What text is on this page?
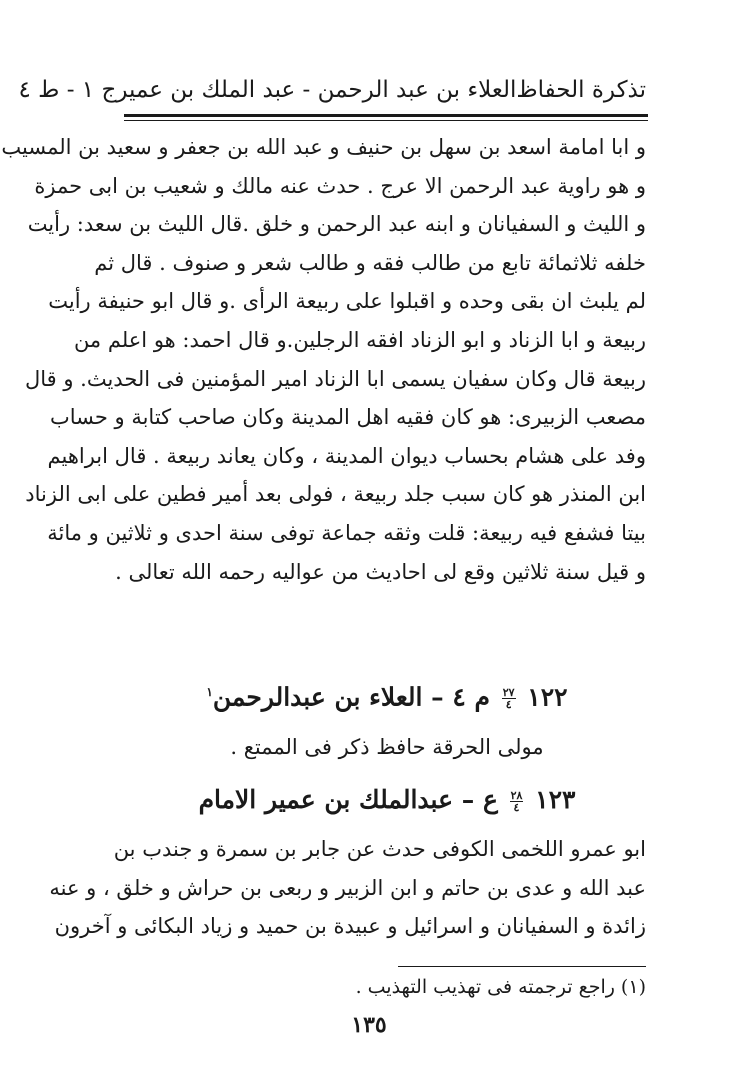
تذكرة الحفاظ
العلاء بن عبد الرحمن - عبد الملك بن عمير
ج ١ - ط ٤
و ابا امامة اسعد بن سهل بن حنيف و عبد الله بن جعفر و سعيد بن المسيب
و هو راوية عبد الرحمن الا عرج . حدث عنه مالك و شعيب بن ابى حمزة
و الليث و السفيانان و ابنه عبد الرحمن و خلق .قال الليث بن سعد: رأيت
خلفه ثلاثمائة تابع من طالب فقه و طالب شعر و صنوف . قال ثم
لم يلبث ان بقى وحده و اقبلوا على ربيعة الرأى .و قال ابو حنيفة رأيت
ربيعة و ابا الزناد و ابو الزناد افقه الرجلين.و قال احمد: هو اعلم من
ربيعة قال وكان سفيان يسمى ابا الزناد امير المؤمنين فى الحديث. و قال
مصعب الزبيرى: هو كان فقيه اهل المدينة وكان صاحب كتابة و حساب
وفد على هشام بحساب ديوان المدينة ، وكان يعاند ربيعة . قال ابراهيم
ابن المنذر هو كان سبب جلد ربيعة ، فولى بعد أمير فطين على ابى الزناد
بيتا فشفع فيه ربيعة: قلت وثقه جماعة توفى سنة احدى و ثلاثين و مائة
و قيل سنة ثلاثين وقع لى احاديث من عواليه رحمه الله تعالى .
١٢٢
$\frac{٢٧}{٤}$
م ٤ – العلاء بن عبدالرحمن$^١$
مولى الحرقة حافظ ذكر فى الممتع .
١٢٣
$\frac{٢٨}{٤}$
ع – عبدالملك بن عمير الامام
ابو عمرو اللخمى الكوفى حدث عن جابر بن سمرة و جندب بن
عبد الله و عدى بن حاتم و ابن الزبير و ربعى بن حراش و خلق ، و عنه
زائدة و السفيانان و اسرائيل و عبيدة بن حميد و زياد البكائى و آخرون
(١) راجع ترجمته فى تهذيب التهذيب .
١٣٥
